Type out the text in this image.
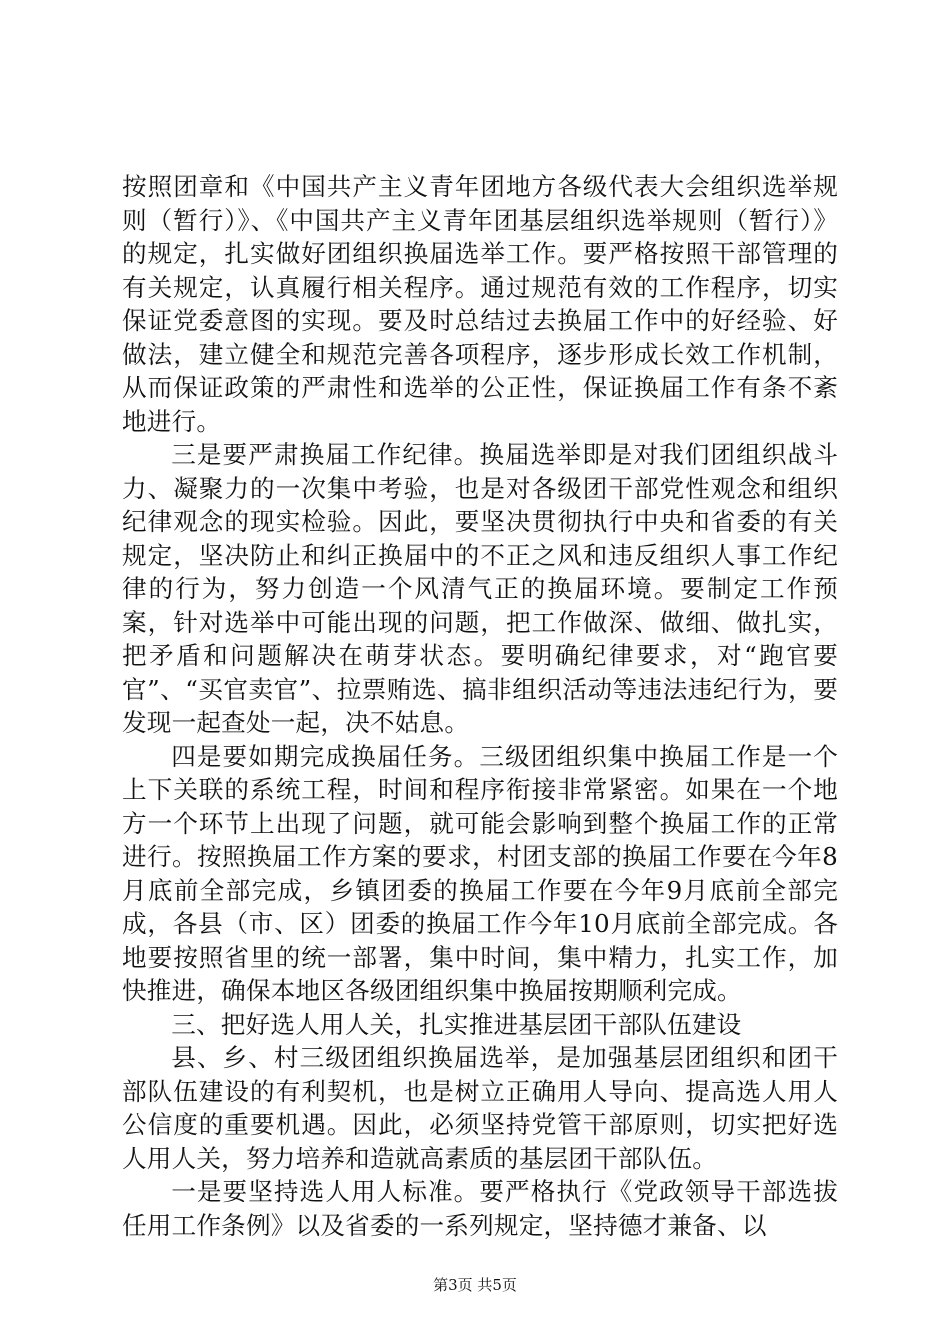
按照团章和《中国共产主义青年团地方各级代表大会组织选举规则（暂行）》、《中国共产主义青年团基层组织选举规则（暂行）》的规定，扎实做好团组织换届选举工作。要严格按照干部管理的有关规定，认真履行相关程序。通过规范有效的工作程序，切实保证党委意图的实现。要及时总结过去换届工作中的好经验、好做法，建立健全和规范完善各项程序，逐步形成长效工作机制，从而保证政策的严肃性和选举的公正性，保证换届工作有条不紊地进行。

三是要严肃换届工作纪律。换届选举即是对我们团组织战斗力、凝聚力的一次集中考验，也是对各级团干部党性观念和组织纪律观念的现实检验。因此，要坚决贯彻执行中央和省委的有关规定，坚决防止和纠正换届中的不正之风和违反组织人事工作纪律的行为，努力创造一个风清气正的换届环境。要制定工作预案，针对选举中可能出现的问题，把工作做深、做细、做扎实，把矛盾和问题解决在萌芽状态。要明确纪律要求，对“跑官要官”、“买官卖官”、拉票贿选、搞非组织活动等违法违纪行为，要发现一起查处一起，决不姑息。

四是要如期完成换届任务。三级团组织集中换届工作是一个上下关联的系统工程，时间和程序衔接非常紧密。如果在一个地方一个环节上出现了问题，就可能会影响到整个换届工作的正常进行。按照换届工作方案的要求，村团支部的换届工作要在今年8月底前全部完成，乡镇团委的换届工作要在今年9月底前全部完成，各县（市、区）团委的换届工作今年10月底前全部完成。各地要按照省里的统一部署，集中时间，集中精力，扎实工作，加快推进，确保本地区各级团组织集中换届按期顺利完成。

三、把好选人用人关，扎实推进基层团干部队伍建设

县、乡、村三级团组织换届选举，是加强基层团组织和团干部队伍建设的有利契机，也是树立正确用人导向、提高选人用人公信度的重要机遇。因此，必须坚持党管干部原则，切实把好选人用人关，努力培养和造就高素质的基层团干部队伍。

一是要坚持选人用人标准。要严格执行《党政领导干部选拔任用工作条例》以及省委的一系列规定，坚持德才兼备、以

第3页 共5页
